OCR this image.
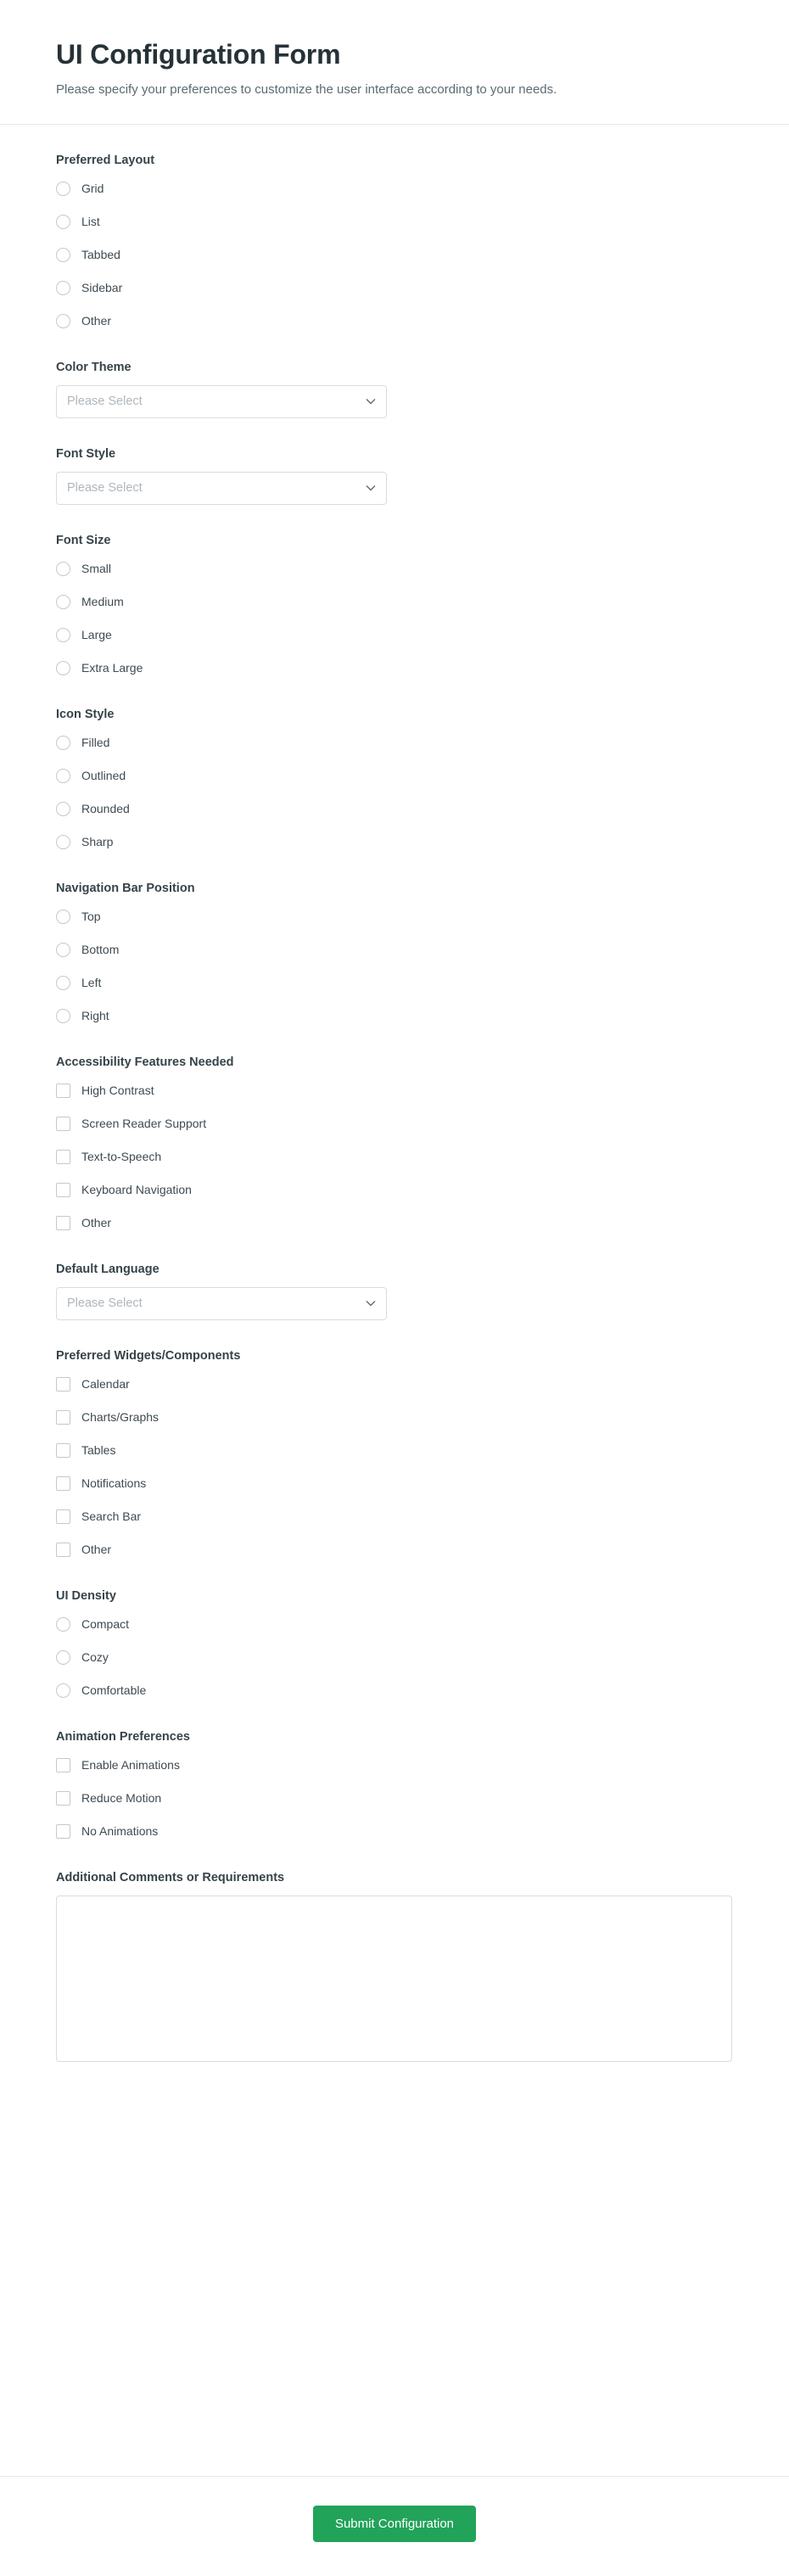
UI Configuration Form

Please specify your preferences to customize the user interface according to your needs.

Preferred Layout
Grid
List
Tabbed
Sidebar
Other
Color Theme
Please Select
Font Style
Please Select
Font Size
Small
Medium
Large
Extra Large
Icon Style
Filled
Outlined
Rounded
Sharp
Navigation Bar Position
Top
Bottom
Left
Right
Accessibility Features Needed
High Contrast
Screen Reader Support
Text-to-Speech
Keyboard Navigation
Other
Default Language
Please Select
Preferred Widgets/Components
Calendar
Charts/Graphs
Tables
Notifications
Search Bar
Other
UI Density
Compact
Cozy
Comfortable
Animation Preferences
Enable Animations
Reduce Motion
No Animations
Additional Comments or Requirements
Submit Configuration
